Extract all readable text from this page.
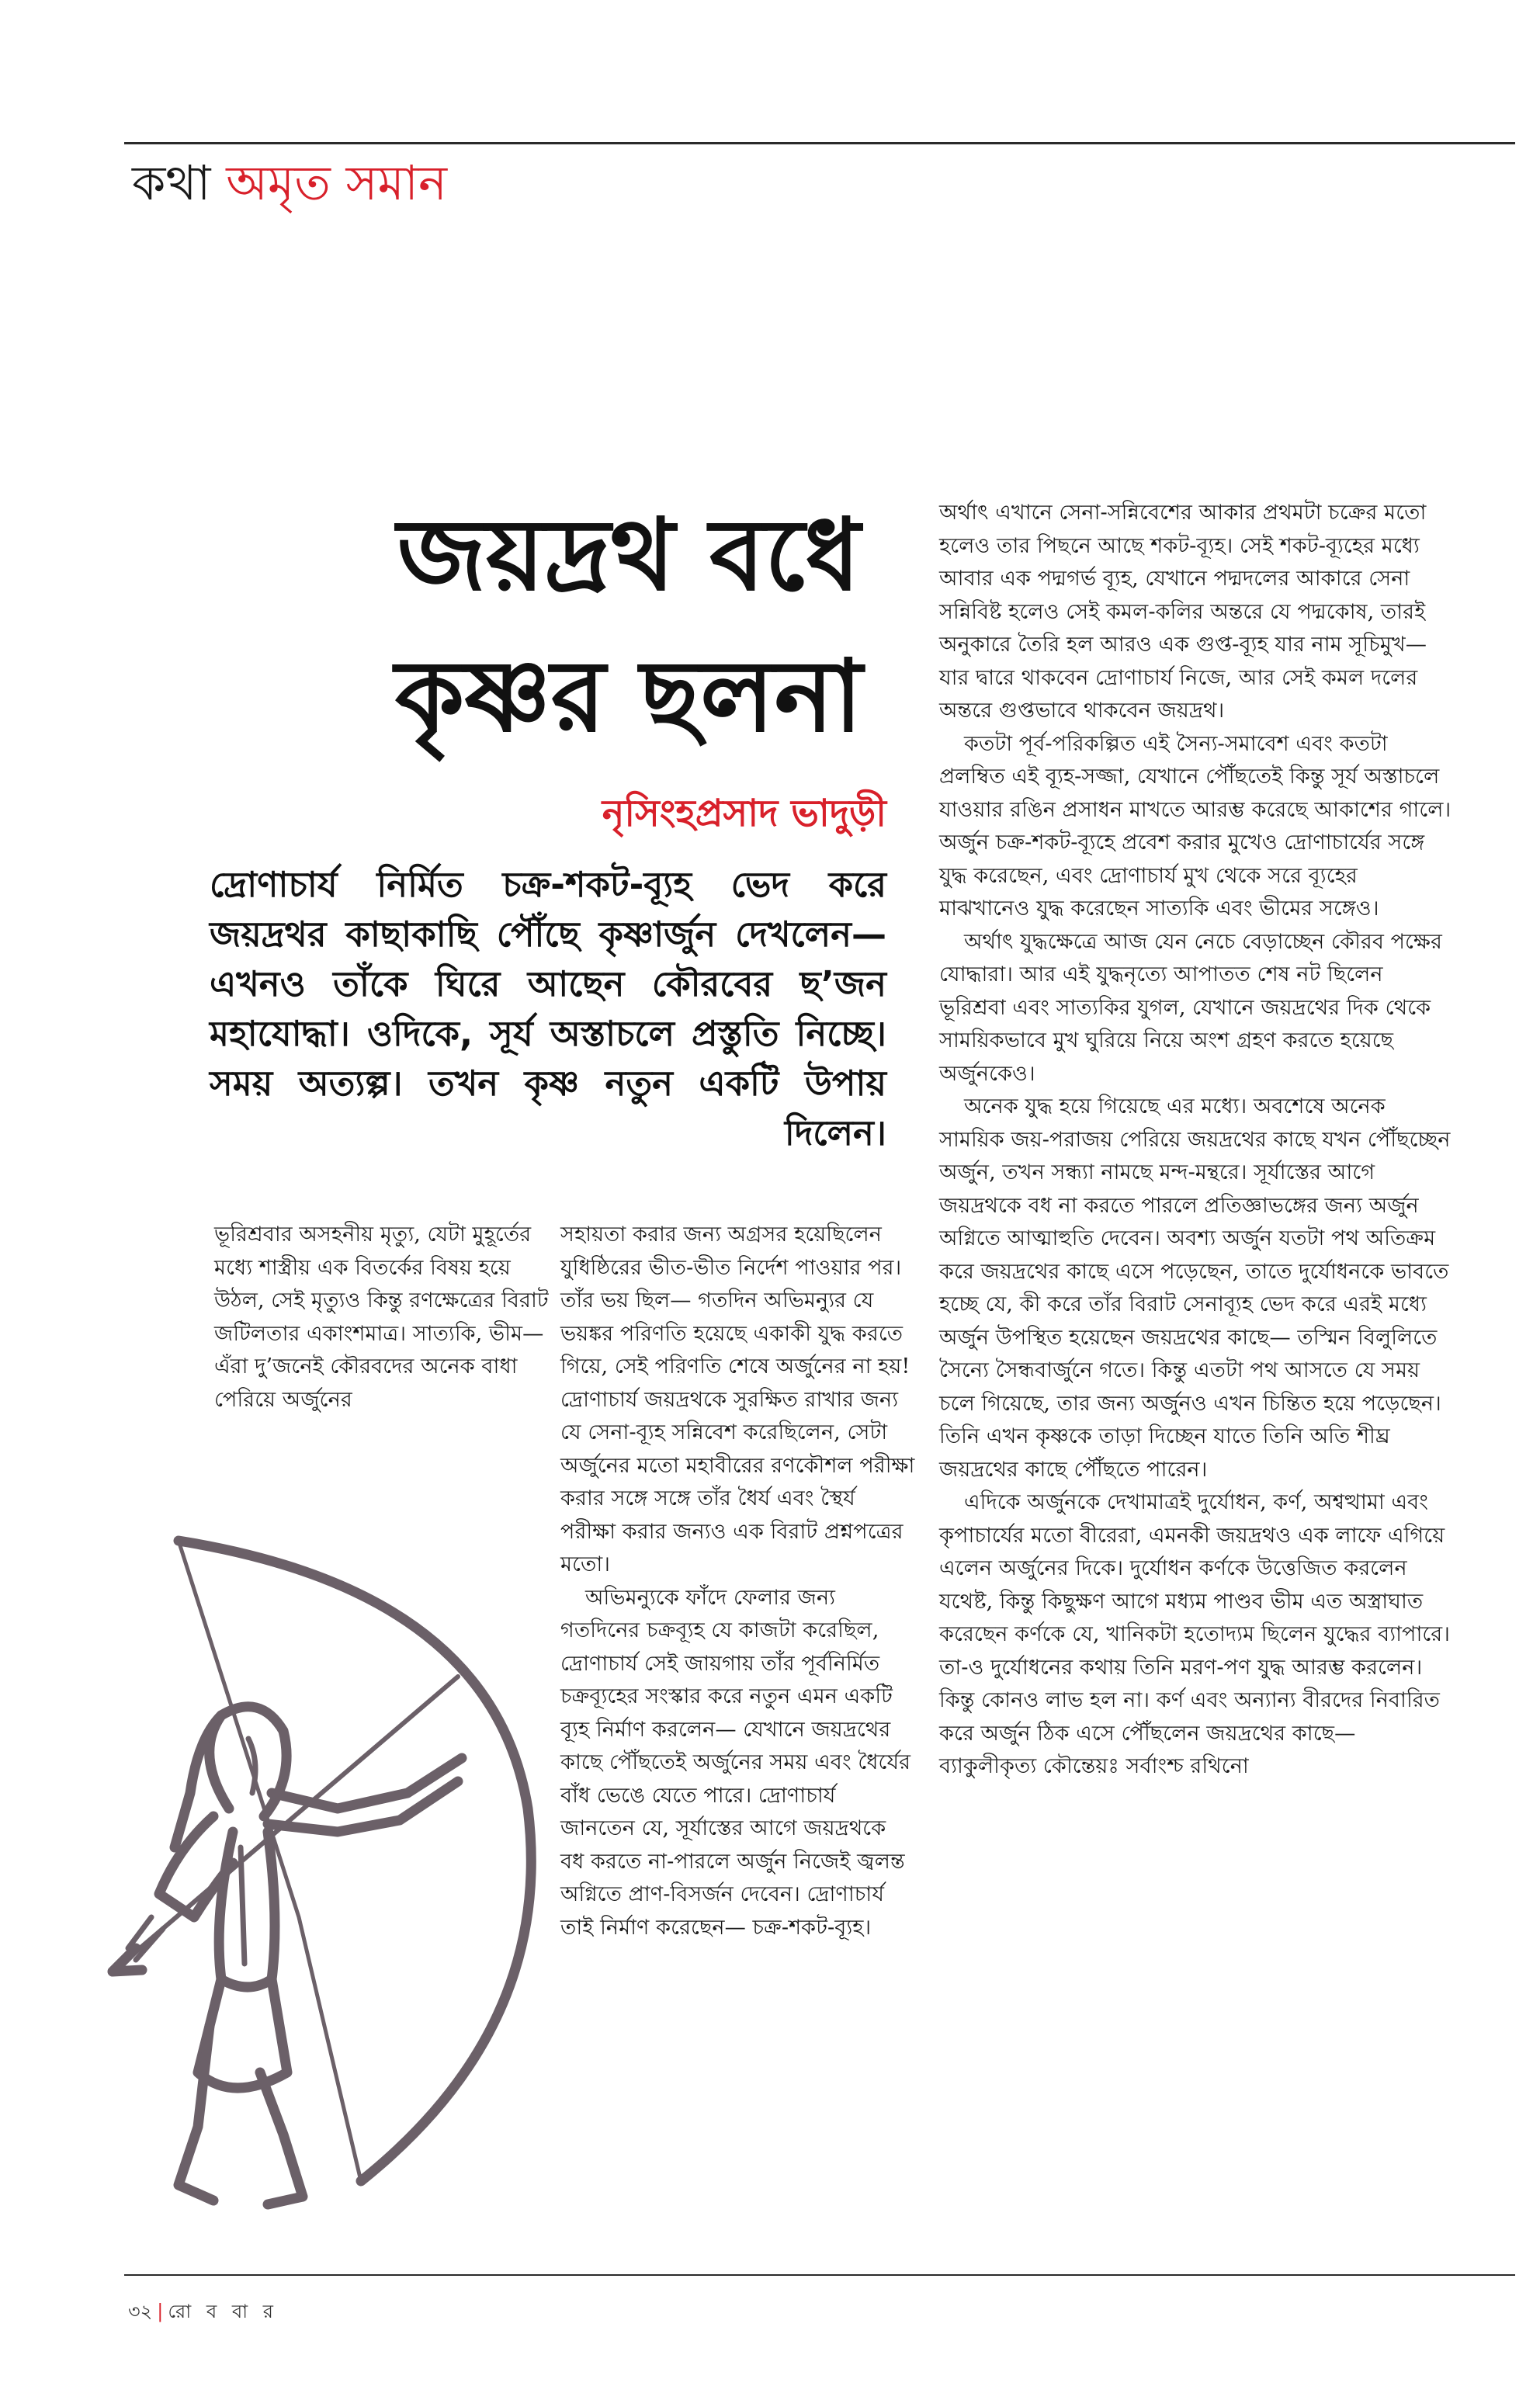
কথা অমৃত সমান
জয়দ্রথ বধে
কৃষ্ণর ছলনা
নৃসিংহপ্রসাদ ভাদুড়ী
দ্রোণাচার্য নির্মিত চক্র-শকট-ব্যূহ ভেদ করে জয়দ্রথর কাছাকাছি পৌঁছে কৃষ্ণার্জুন দেখলেন— এখনও তাঁকে ঘিরে আছেন কৌরবের ছ’জন মহাযোদ্ধা। ওদিকে, সূর্য অস্তাচলে প্রস্তুতি নিচ্ছে। সময় অত্যল্প। তখন কৃষ্ণ নতুন একটি উপায় দিলেন।

ভূরিশ্রবার অসহনীয় মৃত্যু, যেটা মুহূর্তের মধ্যে শাস্ত্রীয় এক বিতর্কের বিষয় হয়ে উঠল, সেই মৃত্যুও কিন্তু রণক্ষেত্রের বিরাট জটিলতার একাংশমাত্র। সাত্যকি, ভীম— এঁরা দু’জনেই কৌরবদের অনেক বাধা পেরিয়ে অর্জুনের

সহায়তা করার জন্য অগ্রসর হয়েছিলেন যুধিষ্ঠিরের ভীত-ভীত নির্দেশ পাওয়ার পর। তাঁর ভয় ছিল— গতদিন অভিমন্যুর যে ভয়ঙ্কর পরিণতি হয়েছে একাকী যুদ্ধ করতে গিয়ে, সেই পরিণতি শেষে অর্জুনের না হয়! দ্রোণাচার্য জয়দ্রথকে সুরক্ষিত রাখার জন্য যে সেনা-ব্যূহ সন্নিবেশ করেছিলেন, সেটা অর্জুনের মতো মহাবীরের রণকৌশল পরীক্ষা করার সঙ্গে সঙ্গে তাঁর ধৈর্য এবং স্থৈর্য পরীক্ষা করার জন্যও এক বিরাট প্রশ্নপত্রের মতো।

অভিমন্যুকে ফাঁদে ফেলার জন্য গতদিনের চক্রব্যূহ যে কাজটা করেছিল, দ্রোণাচার্য সেই জায়গায় তাঁর পূর্বনির্মিত চক্রব্যূহের সংস্কার করে নতুন এমন একটি ব্যূহ নির্মাণ করলেন— যেখানে জয়দ্রথের কাছে পৌঁছতেই অর্জুনের সময় এবং ধৈর্যের বাঁধ ভেঙে যেতে পারে। দ্রোণাচার্য জানতেন যে, সূর্যাস্তের আগে জয়দ্রথকে বধ করতে না-পারলে অর্জুন নিজেই জ্বলন্ত অগ্নিতে প্রাণ-বিসর্জন দেবেন। দ্রোণাচার্য তাই নির্মাণ করেছেন— চক্র-শকট-ব্যূহ।

অর্থাৎ এখানে সেনা-সন্নিবেশের আকার প্রথমটা চক্রের মতো হলেও তার পিছনে আছে শকট-ব্যূহ। সেই শকট-ব্যূহের মধ্যে আবার এক পদ্মগর্ভ ব্যূহ, যেখানে পদ্মদলের আকারে সেনা সন্নিবিষ্ট হলেও সেই কমল-কলির অন্তরে যে পদ্মকোষ, তারই অনুকারে তৈরি হল আরও এক গুপ্ত-ব্যূহ যার নাম সূচিমুখ— যার দ্বারে থাকবেন দ্রোণাচার্য নিজে, আর সেই কমল দলের অন্তরে গুপ্তভাবে থাকবেন জয়দ্রথ।

কতটা পূর্ব-পরিকল্পিত এই সৈন্য-সমাবেশ এবং কতটা প্রলম্বিত এই ব্যূহ-সজ্জা, যেখানে পৌঁছতেই কিন্তু সূর্য অস্তাচলে যাওয়ার রঙিন প্রসাধন মাখতে আরম্ভ করেছে আকাশের গালে। অর্জুন চক্র-শকট-ব্যূহে প্রবেশ করার মুখেও দ্রোণাচার্যের সঙ্গে যুদ্ধ করেছেন, এবং দ্রোণাচার্য মুখ থেকে সরে ব্যূহের মাঝখানেও যুদ্ধ করেছেন সাত্যকি এবং ভীমের সঙ্গেও।

অর্থাৎ যুদ্ধক্ষেত্রে আজ যেন নেচে বেড়াচ্ছেন কৌরব পক্ষের যোদ্ধারা। আর এই যুদ্ধনৃত্যে আপাতত শেষ নট ছিলেন ভূরিশ্রবা এবং সাত্যকির যুগল, যেখানে জয়দ্রথের দিক থেকে সাময়িকভাবে মুখ ঘুরিয়ে নিয়ে অংশ গ্রহণ করতে হয়েছে অর্জুনকেও।

অনেক যুদ্ধ হয়ে গিয়েছে এর মধ্যে। অবশেষে অনেক সাময়িক জয়-পরাজয় পেরিয়ে জয়দ্রথের কাছে যখন পৌঁছচ্ছেন অর্জুন, তখন সন্ধ্যা নামছে মন্দ-মন্থরে। সূর্যাস্তের আগে জয়দ্রথকে বধ না করতে পারলে প্রতিজ্ঞাভঙ্গের জন্য অর্জুন অগ্নিতে আত্মাহুতি দেবেন। অবশ্য অর্জুন যতটা পথ অতিক্রম করে জয়দ্রথের কাছে এসে পড়েছেন, তাতে দুর্যোধনকে ভাবতে হচ্ছে যে, কী করে তাঁর বিরাট সেনাব্যূহ ভেদ করে এরই মধ্যে অর্জুন উপস্থিত হয়েছেন জয়দ্রথের কাছে— তস্মিন বিলুলিতে সৈন্যে সৈন্ধবার্জুনে গতে। কিন্তু এতটা পথ আসতে যে সময় চলে গিয়েছে, তার জন্য অর্জুনও এখন চিন্তিত হয়ে পড়েছেন। তিনি এখন কৃষ্ণকে তাড়া দিচ্ছেন যাতে তিনি অতি শীঘ্র জয়দ্রথের কাছে পৌঁছতে পারেন।

এদিকে অর্জুনকে দেখামাত্রই দুর্যোধন, কর্ণ, অশ্বত্থামা এবং কৃপাচার্যের মতো বীরেরা, এমনকী জয়দ্রথও এক লাফে এগিয়ে এলেন অর্জুনের দিকে। দুর্যোধন কর্ণকে উত্তেজিত করলেন যথেষ্ট, কিন্তু কিছুক্ষণ আগে মধ্যম পাণ্ডব ভীম এত অস্ত্রাঘাত করেছেন কর্ণকে যে, খানিকটা হতোদ্যম ছিলেন যুদ্ধের ব্যাপারে। তা-ও দুর্যোধনের কথায় তিনি মরণ-পণ যুদ্ধ আরম্ভ করলেন। কিন্তু কোনও লাভ হল না। কর্ণ এবং অন্যান্য বীরদের নিবারিত করে অর্জুন ঠিক এসে পৌঁছলেন জয়দ্রথের কাছে— ব্যাকুলীকৃত্য কৌন্তেয়ঃ সর্বাংশ্চ রথিনো

৩২ | রো ব বা র
